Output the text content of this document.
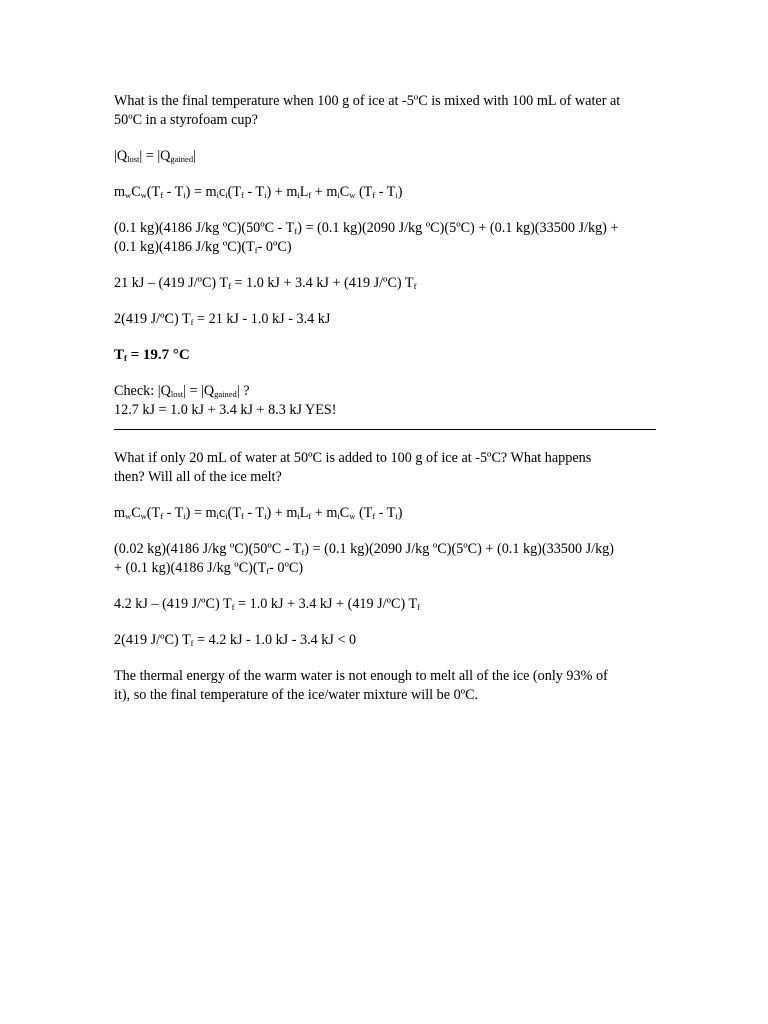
What is the final temperature when 100 g of ice at -5ºC is mixed with 100 mL of water at
50ºC in a styrofoam cup?
$|Q_{lost}| = |Q_{gained}|$
$m_wC_w(T_f - T_i) = m_ic_i(T_f - T_i) + m_iL_f + m_iC_w$ $(T_f - T_i)$
(0.1 kg)(4186 J/kg ºC)(50ºC - $T_f) = (0.1$ kg)(2090 J/kg ºC)(5ºC) + (0.1 kg)(33500 J/kg) +
(0.1 kg)(4186 J/kg $ºC)(T_f-$ 0ºC)
21 kJ – (419 J/ºC) $T_f = 1.0$ kJ + 3.4 kJ + (419 J/ºC) $T_f$
2(419 J/ºC) $T_f = 21$ kJ - 1.0 kJ - 3.4 kJ
$T_f = 19.7$ °C
Check: $|Q_{lost}| = |Q_{gained}|$ ?
12.7 kJ = 1.0 kJ + 3.4 kJ + 8.3 kJ YES!
What if only 20 mL of water at 50ºC is added to 100 g of ice at -5ºC? What happens
then? Will all of the ice melt?
$m_wC_w(T_f - T_i) = m_ic_i(T_f - T_i) + m_iL_f + m_iC_w$ $(T_f - T_i)$
(0.02 kg)(4186 J/kg ºC)(50ºC - $T_f) = (0.1$ kg)(2090 J/kg ºC)(5ºC) + (0.1 kg)(33500 J/kg)
+ (0.1 kg)(4186 J/kg $ºC)(T_f-$ 0ºC)
4.2 kJ – (419 J/ºC) $T_f = 1.0$ kJ + 3.4 kJ + (419 J/ºC) $T_f$
2(419 J/ºC) $T_f = 4.2$ kJ - 1.0 kJ - 3.4 kJ < 0
The thermal energy of the warm water is not enough to melt all of the ice (only 93% of
it), so the final temperature of the ice/water mixture will be 0ºC.
